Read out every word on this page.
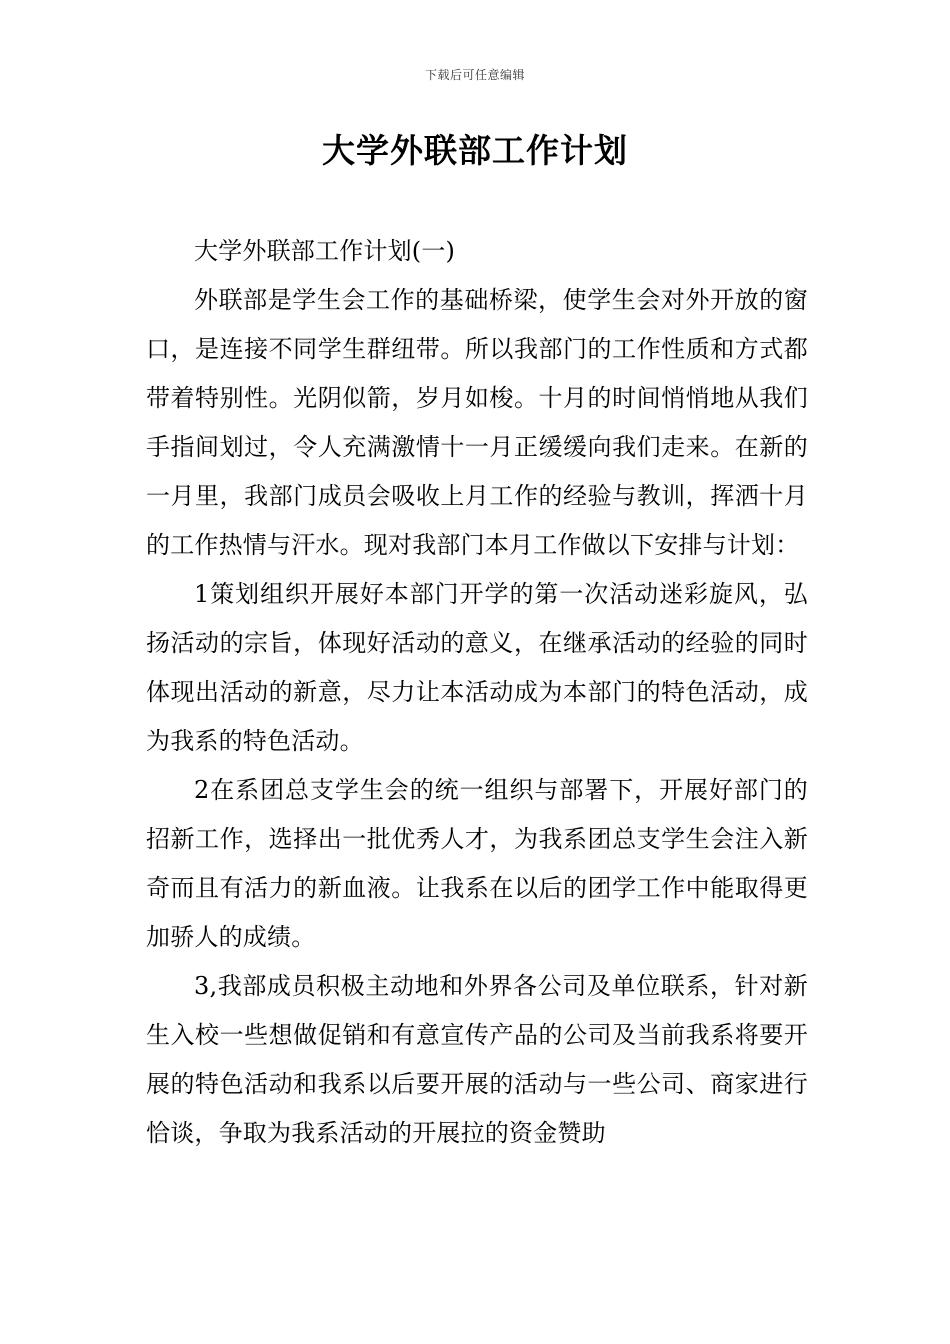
下载后可任意编辑
大学外联部工作计划

大学外联部工作计划(一)

外联部是学生会工作的基础桥梁，使学生会对外开放的窗口，是连接不同学生群纽带。所以我部门的工作性质和方式都带着特别性。光阴似箭，岁月如梭。十月的时间悄悄地从我们手指间划过，令人充满激情十一月正缓缓向我们走来。在新的一月里，我部门成员会吸收上月工作的经验与教训，挥洒十月的工作热情与汗水。现对我部门本月工作做以下安排与计划：

1策划组织开展好本部门开学的第一次活动迷彩旋风，弘扬活动的宗旨，体现好活动的意义，在继承活动的经验的同时体现出活动的新意，尽力让本活动成为本部门的特色活动，成为我系的特色活动。

2在系团总支学生会的统一组织与部署下，开展好部门的招新工作，选择出一批优秀人才，为我系团总支学生会注入新奇而且有活力的新血液。让我系在以后的团学工作中能取得更加骄人的成绩。

3,我部成员积极主动地和外界各公司及单位联系，针对新生入校一些想做促销和有意宣传产品的公司及当前我系将要开展的特色活动和我系以后要开展的活动与一些公司、商家进行恰谈，争取为我系活动的开展拉的资金赞助
